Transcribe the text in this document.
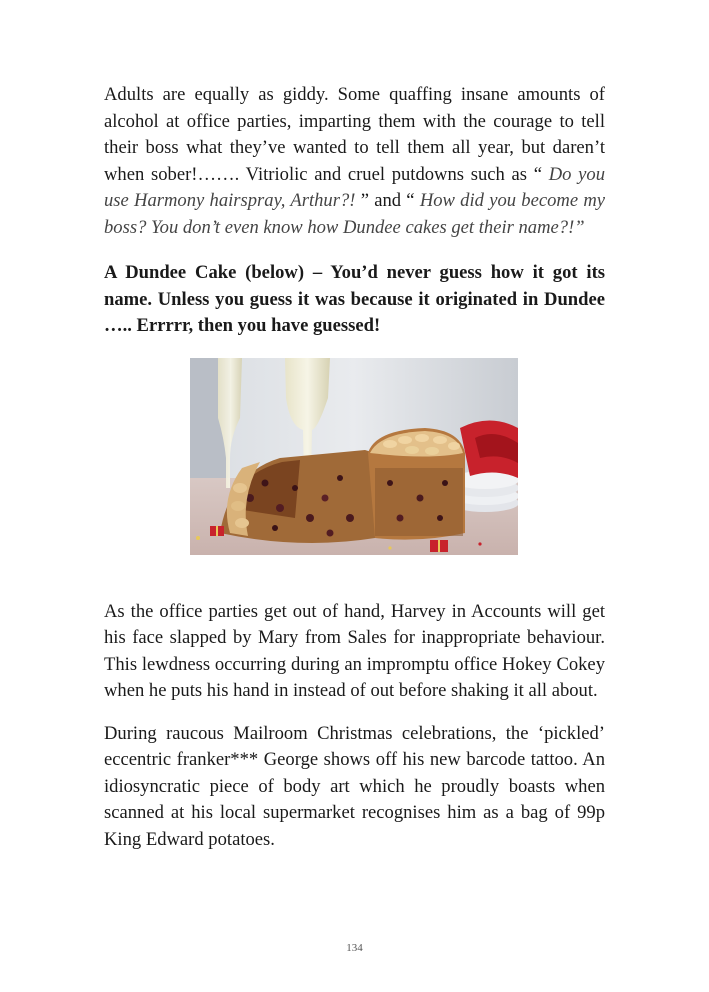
Adults are equally as giddy. Some quaffing insane amounts of alcohol at office parties, imparting them with the courage to tell their boss what they’ve wanted to tell them all year, but daren’t when sober!……. Vitriolic and cruel putdowns such as “ Do you use Harmony hairspray, Arthur?! ” and “ How did you become my boss? You don’t even know how Dundee cakes get their name?!”

A Dundee Cake (below) – You’d never guess how it got its name. Unless you guess it was because it originated in Dundee ….. Errrrr, then you have guessed!

As the office parties get out of hand, Harvey in Accounts will get his face slapped by Mary from Sales for inappropriate behaviour. This lewdness occurring during an impromptu office Hokey Cokey when he puts his hand in instead of out before shaking it all about.

During raucous Mailroom Christmas celebrations, the ‘pickled’ eccentric franker*** George shows off his new barcode tattoo. An idiosyncratic piece of body art which he proudly boasts when scanned at his local supermarket recognises him as a bag of 99p King Edward potatoes.

134
